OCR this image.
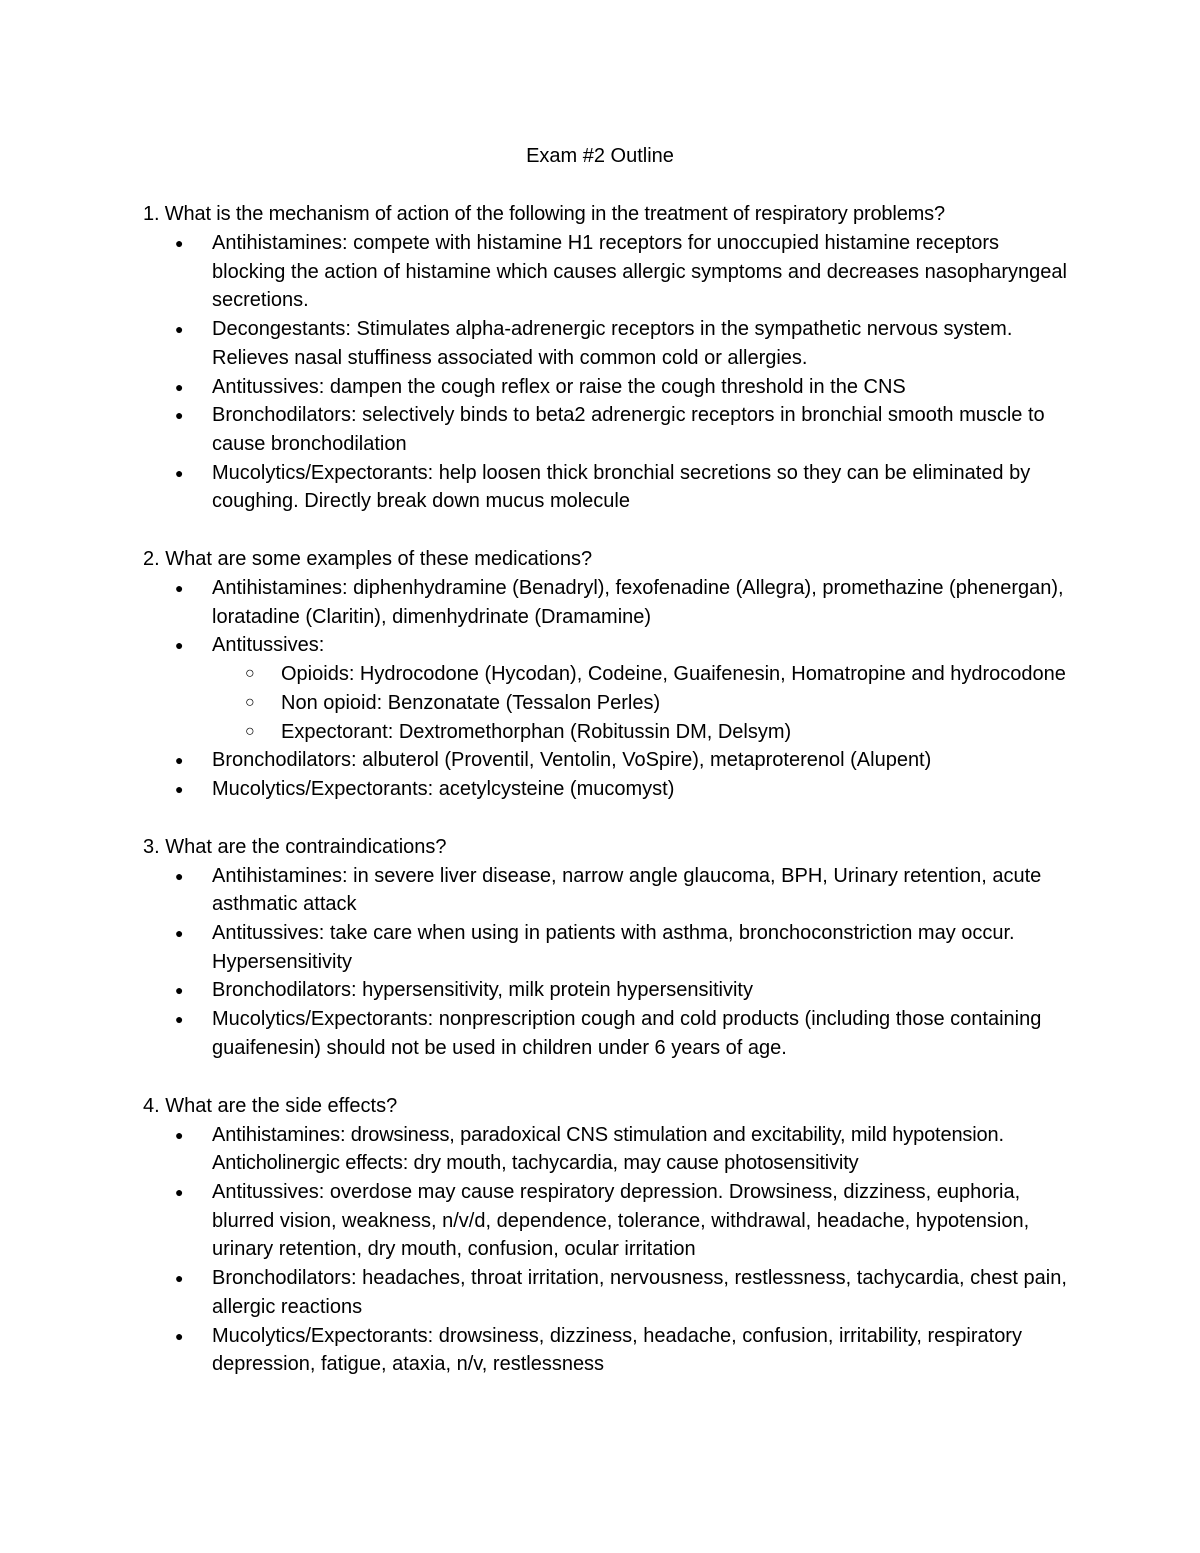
Exam #2 Outline

1. What is the mechanism of action of the following in the treatment of respiratory problems?

● Antihistamines: compete with histamine H1 receptors for unoccupied histamine receptors blocking the action of histamine which causes allergic symptoms and decreases nasopharyngeal secretions.
● Decongestants: Stimulates alpha-adrenergic receptors in the sympathetic nervous system. Relieves nasal stuffiness associated with common cold or allergies.
● Antitussives: dampen the cough reflex or raise the cough threshold in the CNS
● Bronchodilators: selectively binds to beta2 adrenergic receptors in bronchial smooth muscle to cause bronchodilation
● Mucolytics/Expectorants: help loosen thick bronchial secretions so they can be eliminated by coughing. Directly break down mucus molecule

2. What are some examples of these medications?

● Antihistamines: diphenhydramine (Benadryl), fexofenadine (Allegra), promethazine (phenergan), loratadine (Claritin), dimenhydrinate (Dramamine)
● Antitussives:
○ Opioids: Hydrocodone (Hycodan), Codeine, Guaifenesin, Homatropine and hydrocodone
○ Non opioid: Benzonatate (Tessalon Perles)
○ Expectorant: Dextromethorphan (Robitussin DM, Delsym)
● Bronchodilators: albuterol (Proventil, Ventolin, VoSpire), metaproterenol (Alupent)
● Mucolytics/Expectorants: acetylcysteine (mucomyst)

3. What are the contraindications?

● Antihistamines: in severe liver disease, narrow angle glaucoma, BPH, Urinary retention, acute asthmatic attack
● Antitussives: take care when using in patients with asthma, bronchoconstriction may occur. Hypersensitivity
● Bronchodilators: hypersensitivity, milk protein hypersensitivity
● Mucolytics/Expectorants: nonprescription cough and cold products (including those containing guaifenesin) should not be used in children under 6 years of age.

4. What are the side effects?

● Antihistamines: drowsiness, paradoxical CNS stimulation and excitability, mild hypotension. Anticholinergic effects: dry mouth, tachycardia, may cause photosensitivity
● Antitussives: overdose may cause respiratory depression. Drowsiness, dizziness, euphoria, blurred vision, weakness, n/v/d, dependence, tolerance, withdrawal, headache, hypotension, urinary retention, dry mouth, confusion, ocular irritation
● Bronchodilators: headaches, throat irritation, nervousness, restlessness, tachycardia, chest pain, allergic reactions
● Mucolytics/Expectorants: drowsiness, dizziness, headache, confusion, irritability, respiratory depression, fatigue, ataxia, n/v, restlessness
